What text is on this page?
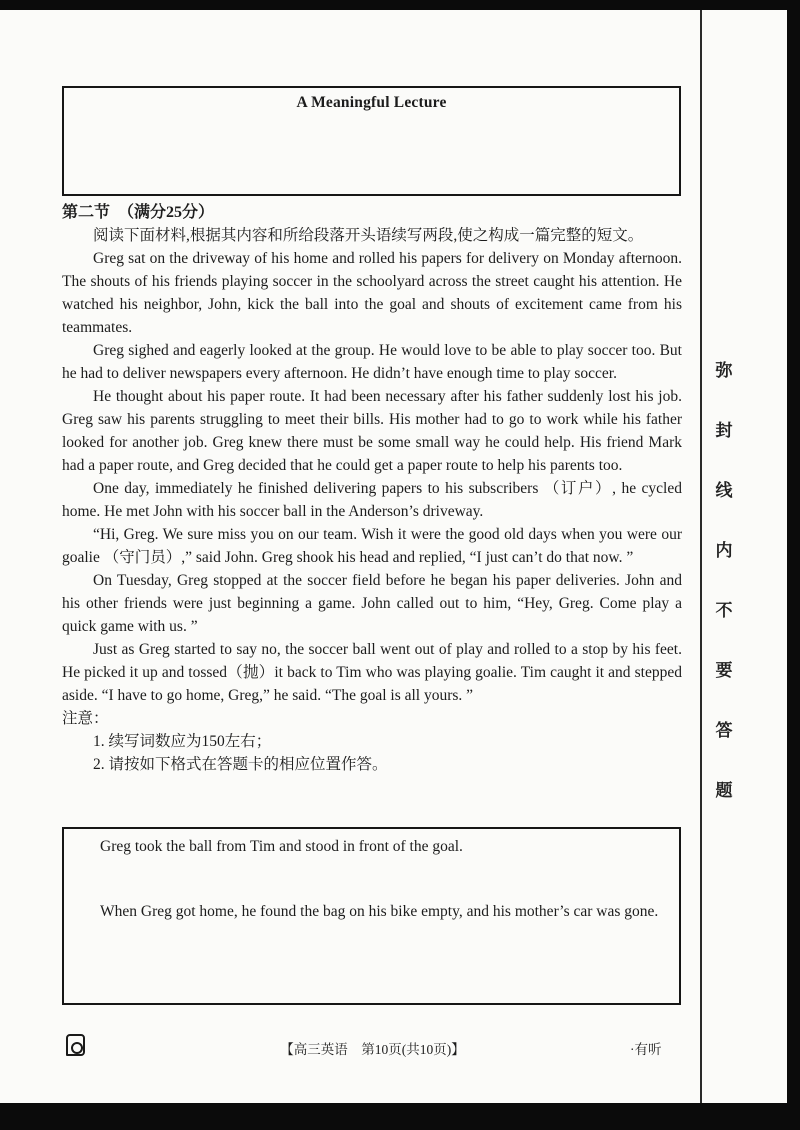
弥
封
线
内
不
要
答
题
A Meaningful Lecture
第二节　（满分25分）

阅读下面材料,根据其内容和所给段落开头语续写两段,使之构成一篇完整的短文。

Greg sat on the driveway of his home and rolled his papers for delivery on Monday afternoon. The shouts of his friends playing soccer in the schoolyard across the street caught his attention. He watched his neighbor, John, kick the ball into the goal and shouts of excitement came from his teammates.

Greg sighed and eagerly looked at the group. He would love to be able to play soccer too. But he had to deliver newspapers every afternoon. He didn’t have enough time to play soccer.

He thought about his paper route. It had been necessary after his father suddenly lost his job. Greg saw his parents struggling to meet their bills. His mother had to go to work while his father looked for another job. Greg knew there must be some small way he could help. His friend Mark had a paper route, and Greg decided that he could get a paper route to help his parents too.

One day, immediately he finished delivering papers to his subscribers （订户）, he cycled home. He met John with his soccer ball in the Anderson’s driveway.

“Hi, Greg. We sure miss you on our team. Wish it were the good old days when you were our goalie （守门员）,” said John. Greg shook his head and replied, “I just can’t do that now. ”

On Tuesday, Greg stopped at the soccer field before he began his paper deliveries. John and his other friends were just beginning a game. John called out to him, “Hey, Greg. Come play a quick game with us. ”

Just as Greg started to say no, the soccer ball went out of play and rolled to a stop by his feet. He picked it up and tossed（抛）it back to Tim who was playing goalie. Tim caught it and stepped aside. “I have to go home, Greg,” he said. “The goal is all yours. ”

注意：

1. 续写词数应为150左右；

2. 请按如下格式在答题卡的相应位置作答。

Greg took the ball from Tim and stood in front of the goal.

When Greg got home, he found the bag on his bike empty, and his mother’s car was gone.

【高三英语　第10页(共10页)】	·有听
